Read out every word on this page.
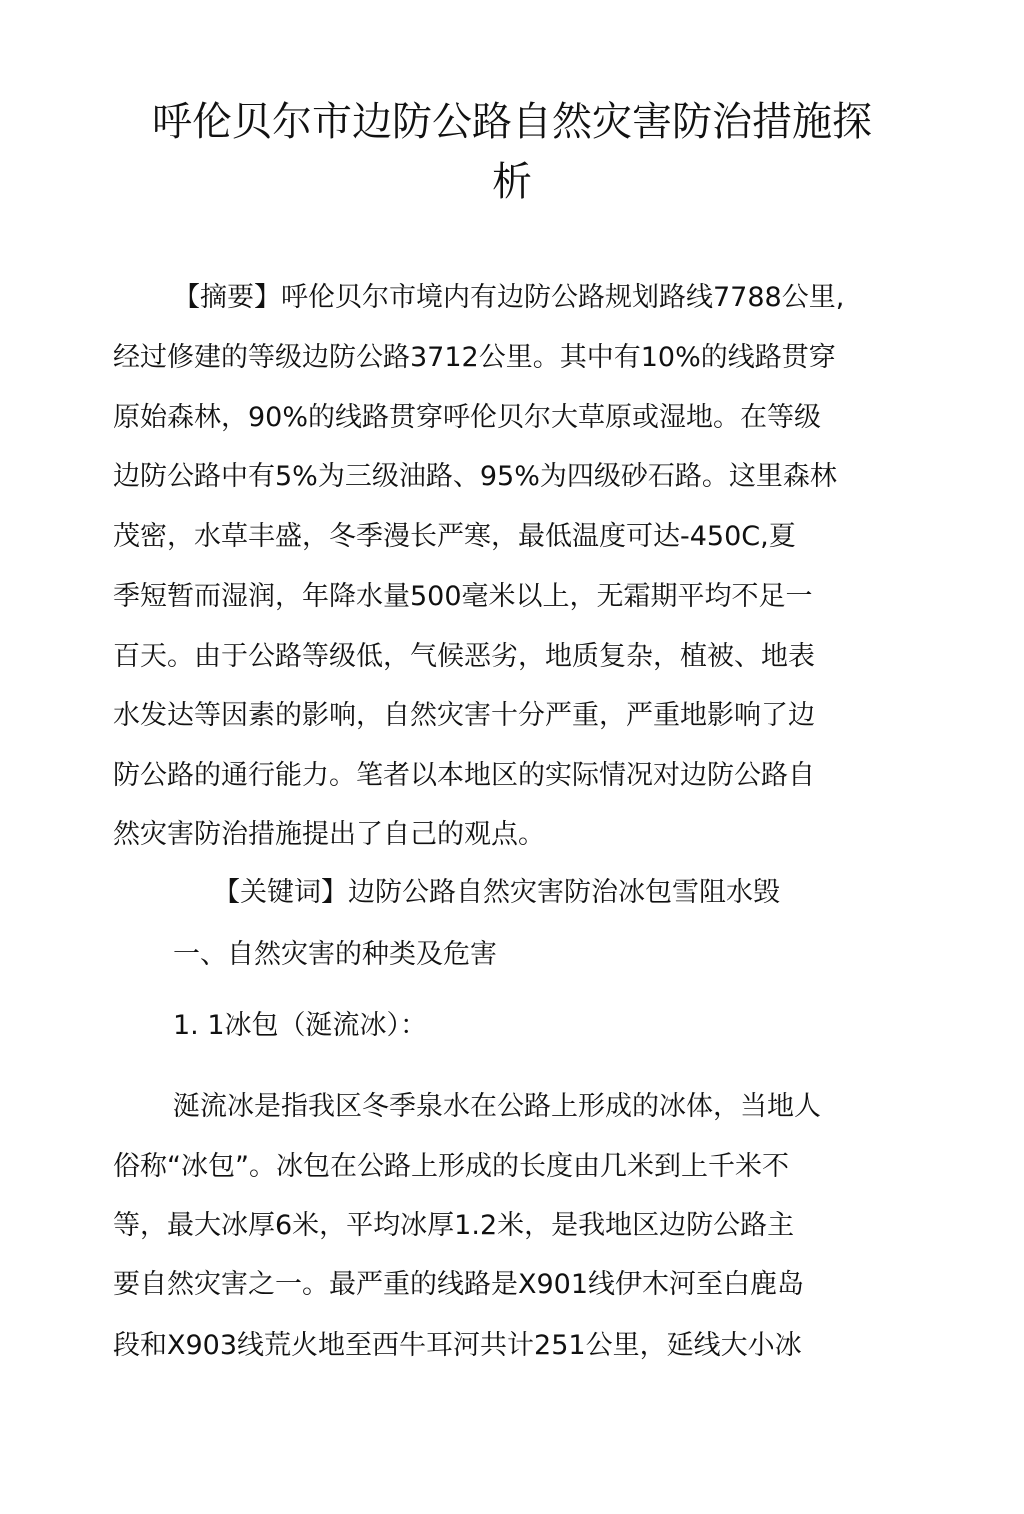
呼伦贝尔市边防公路自然灾害防治措施探
析

【摘要】呼伦贝尔市境内有边防公路规划路线7788公里,

经过修建的等级边防公路3712公里。其中有10%的线路贯穿

原始森林，90%的线路贯穿呼伦贝尔大草原或湿地。在等级

边防公路中有5%为三级油路、95%为四级砂石路。这里森林

茂密，水草丰盛，冬季漫长严寒，最低温度可达-450C,夏

季短暂而湿润，年降水量500毫米以上，无霜期平均不足一

百天。由于公路等级低，气候恶劣，地质复杂，植被、地表

水发达等因素的影响，自然灾害十分严重，严重地影响了边

防公路的通行能力。笔者以本地区的实际情况对边防公路自

然灾害防治措施提出了自己的观点。

【关键词】边防公路自然灾害防治冰包雪阻水毁

一、自然灾害的种类及危害

1. 1冰包（涎流冰）：

涎流冰是指我区冬季泉水在公路上形成的冰体，当地人

俗称“冰包”。冰包在公路上形成的长度由几米到上千米不

等，最大冰厚6米，平均冰厚1.2米，是我地区边防公路主

要自然灾害之一。最严重的线路是X901线伊木河至白鹿岛

段和X903线荒火地至西牛耳河共计251公里，延线大小冰
